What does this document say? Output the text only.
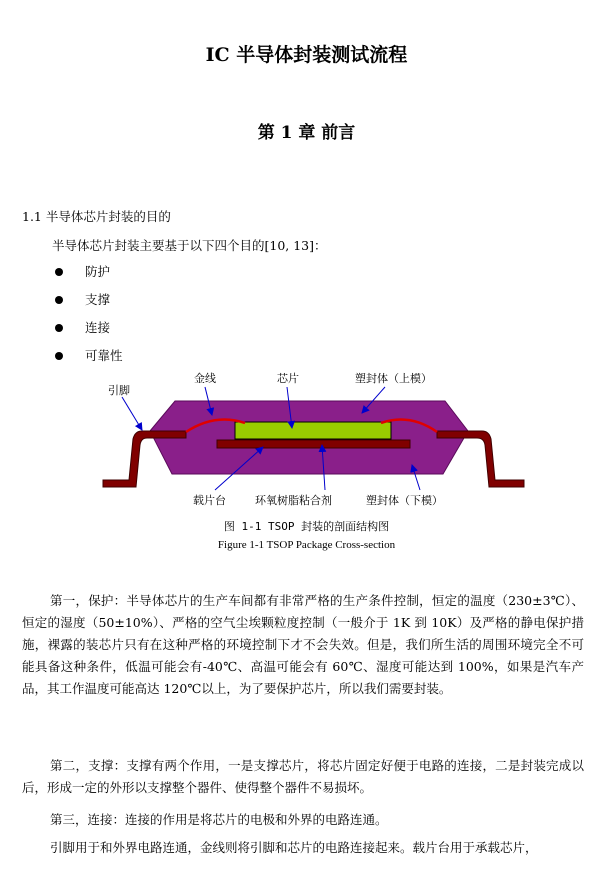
IC 半导体封装测试流程
第 1 章 前言
1.1 半导体芯片封装的目的
半导体芯片封装主要基于以下四个目的[10, 13]：
防护
支撑
连接
可靠性
引脚
金线	芯片	塑封体（上模）
载片台	环氧树脂粘合剂	塑封体（下模）
图 1-1 TSOP 封装的剖面结构图
Figure 1-1 TSOP Package Cross-section
第一，保护：半导体芯片的生产车间都有非常严格的生产条件控制，恒定的温度（230±3℃）、恒定的湿度（50±10%）、严格的空气尘埃颗粒度控制（一般介于 1K 到 10K）及严格的静电保护措施，裸露的装芯片只有在这种严格的环境控制下才不会失效。但是，我们所生活的周围环境完全不可能具备这种条件，低温可能会有-40℃、高温可能会有 60℃、湿度可能达到 100%，如果是汽车产品，其工作温度可能高达 120℃以上，为了要保护芯片，所以我们需要封装。
第二，支撑：支撑有两个作用，一是支撑芯片，将芯片固定好便于电路的连接，二是封装完成以后，形成一定的外形以支撑整个器件、使得整个器件不易损坏。
第三，连接：连接的作用是将芯片的电极和外界的电路连通。
引脚用于和外界电路连通，金线则将引脚和芯片的电路连接起来。载片台用于承载芯片，
